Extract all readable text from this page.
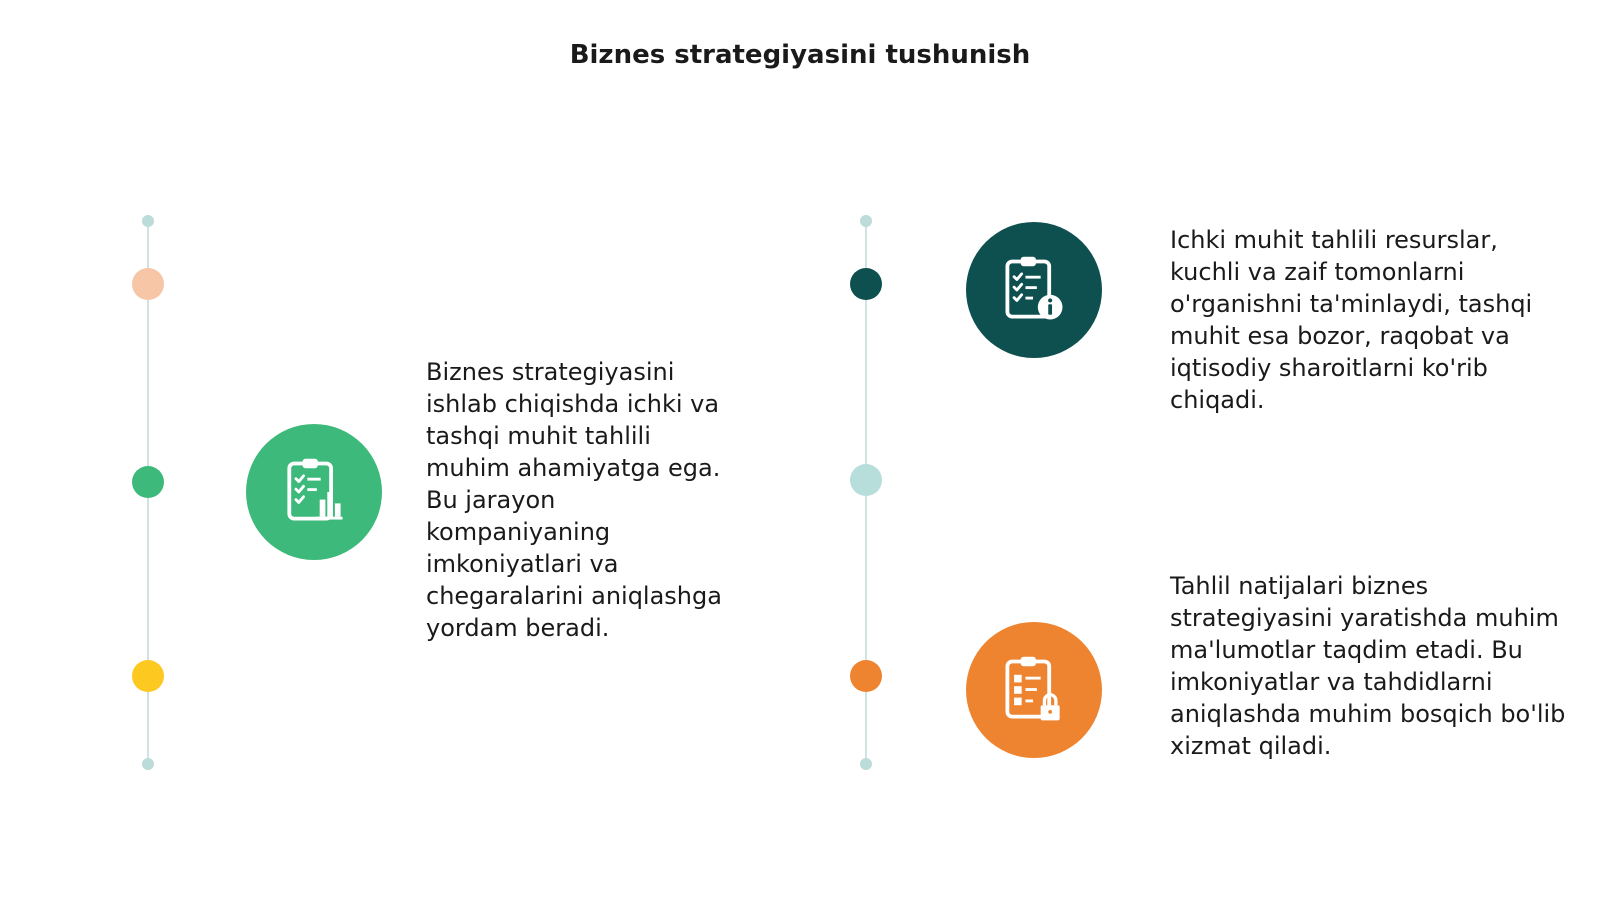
Biznes strategiyasini tushunish

Biznes strategiyasini ishlab chiqishda ichki va tashqi muhit tahlili muhim ahamiyatga ega. Bu jarayon kompaniyaning imkoniyatlari va chegaralarini aniqlashga yordam beradi.

Ichki muhit tahlili resurslar, kuchli va zaif tomonlarni o'rganishni ta'minlaydi, tashqi muhit esa bozor, raqobat va iqtisodiy sharoitlarni ko'rib chiqadi.

Tahlil natijalari biznes strategiyasini yaratishda muhim ma'lumotlar taqdim etadi. Bu imkoniyatlar va tahdidlarni aniqlashda muhim bosqich bo'lib xizmat qiladi.
